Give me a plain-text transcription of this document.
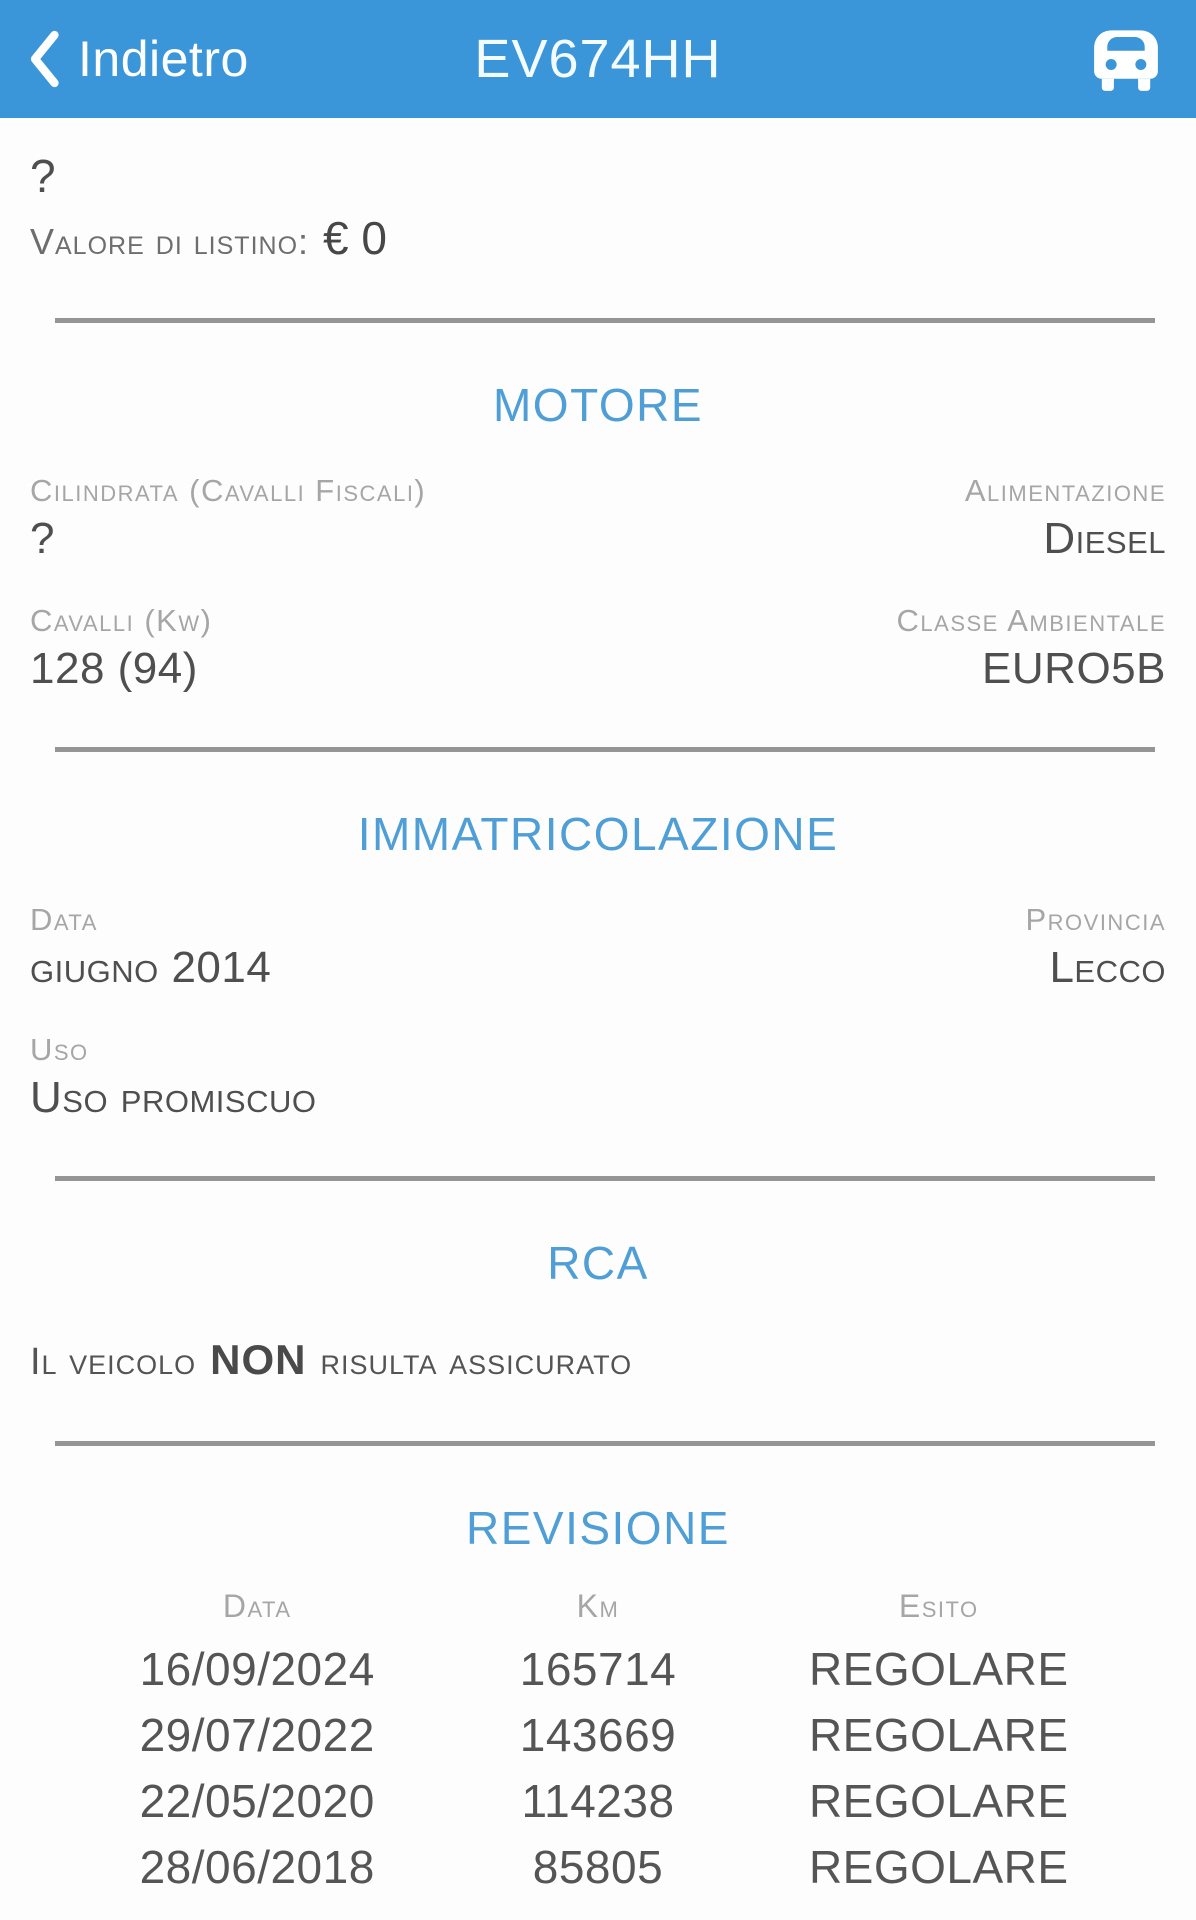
Indietro	EV674HH
?
Valore di listino: € 0
MOTORE
Cilindrata (Cavalli Fiscali)
?
Alimentazione
Diesel
Cavalli (Kw)
128 (94)
Classe Ambientale
EURO5B
IMMATRICOLAZIONE
Data
giugno 2014
Provincia
Lecco
Uso
Uso promiscuo
RCA

Il veicolo NON risulta assicurato

REVISIONE
Data	Km	Esito
16/09/2024	165714	REGOLARE
29/07/2022	143669	REGOLARE
22/05/2020	114238	REGOLARE
28/06/2018	85805	REGOLARE
